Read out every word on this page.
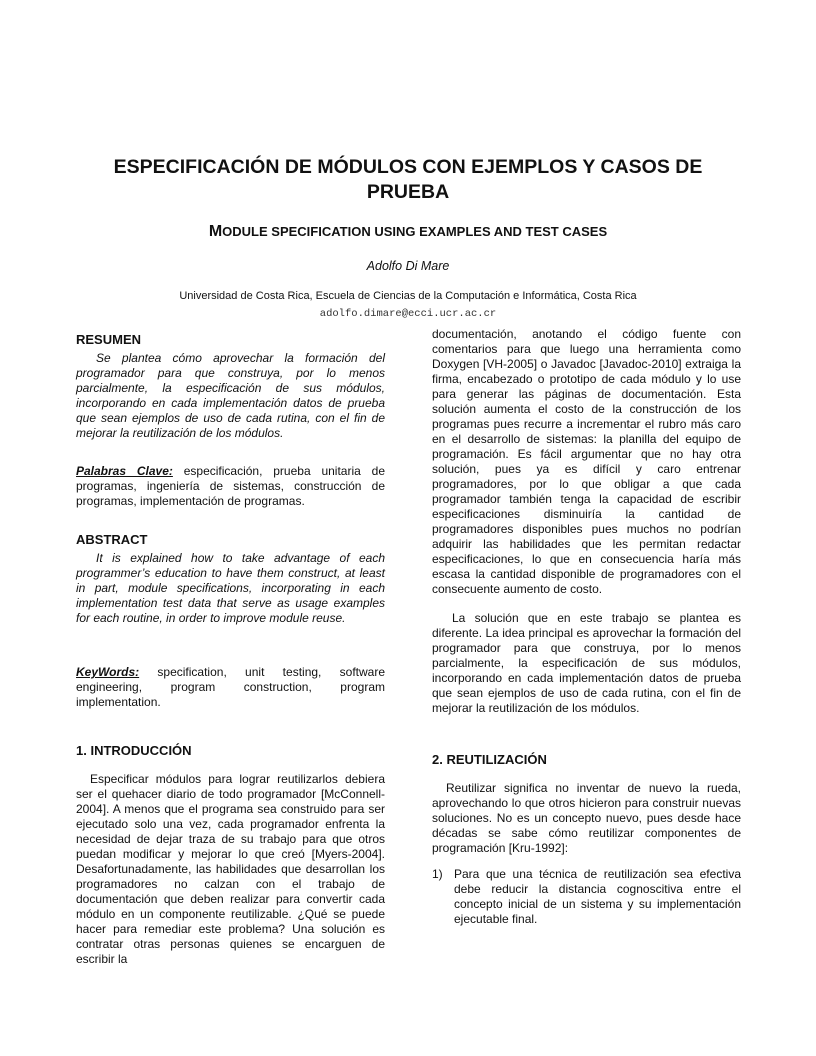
ESPECIFICACIÓN DE MÓDULOS CON EJEMPLOS Y CASOS DE PRUEBA
MODULE SPECIFICATION USING EXAMPLES AND TEST CASES
Adolfo Di Mare
Universidad de Costa Rica, Escuela de Ciencias de la Computación e Informática, Costa Rica
adolfo.dimare@ecci.ucr.ac.cr
RESUMEN

Se plantea cómo aprovechar la formación del programador para que construya, por lo menos parcialmente, la especificación de sus módulos, incorporando en cada implementación datos de prueba que sean ejemplos de uso de cada rutina, con el fin de mejorar la reutilización de los módulos.

Palabras Clave: especificación, prueba unitaria de programas, ingeniería de sistemas, construcción de programas, implementación de programas.

ABSTRACT

It is explained how to take advantage of each programmer’s education to have them construct, at least in part, module specifications, incorporating in each implementation test data that serve as usage examples for each routine, in order to improve module reuse.

KeyWords: specification, unit testing, software engineering, program construction, program implementation.

1. INTRODUCCIÓN

Especificar módulos para lograr reutilizarlos debiera ser el quehacer diario de todo programador [McConnell-2004]. A menos que el programa sea construido para ser ejecutado solo una vez, cada programador enfrenta la necesidad de dejar traza de su trabajo para que otros puedan modificar y mejorar lo que creó [Myers-2004]. Desafortunadamente, las habilidades que desarrollan los programadores no calzan con el trabajo de documentación que deben realizar para convertir cada módulo en un componente reutilizable. ¿Qué se puede hacer para remediar este problema? Una solución es contratar otras personas quienes se encarguen de escribir la

documentación, anotando el código fuente con comentarios para que luego una herramienta como Doxygen [VH-2005] o Javadoc [Javadoc-2010] extraiga la firma, encabezado o prototipo de cada módulo y lo use para generar las páginas de documentación. Esta solución aumenta el costo de la construcción de los programas pues recurre a incrementar el rubro más caro en el desarrollo de sistemas: la planilla del equipo de programación. Es fácil argumentar que no hay otra solución, pues ya es difícil y caro entrenar programadores, por lo que obligar a que cada programador también tenga la capacidad de escribir especificaciones disminuiría la cantidad de programadores disponibles pues muchos no podrían adquirir las habilidades que les permitan redactar especificaciones, lo que en consecuencia haría más escasa la cantidad disponible de programadores con el consecuente aumento de costo.

La solución que en este trabajo se plantea es diferente. La idea principal es aprovechar la formación del programador para que construya, por lo menos parcialmente, la especificación de sus módulos, incorporando en cada implementación datos de prueba que sean ejemplos de uso de cada rutina, con el fin de mejorar la reutilización de los módulos.

2. REUTILIZACIÓN

Reutilizar significa no inventar de nuevo la rueda, aprovechando lo que otros hicieron para construir nuevas soluciones. No es un concepto nuevo, pues desde hace décadas se sabe cómo reutilizar componentes de programación [Kru-1992]:

1) Para que una técnica de reutilización sea efectiva debe reducir la distancia cognoscitiva entre el concepto inicial de un sistema y su implementación ejecutable final.
